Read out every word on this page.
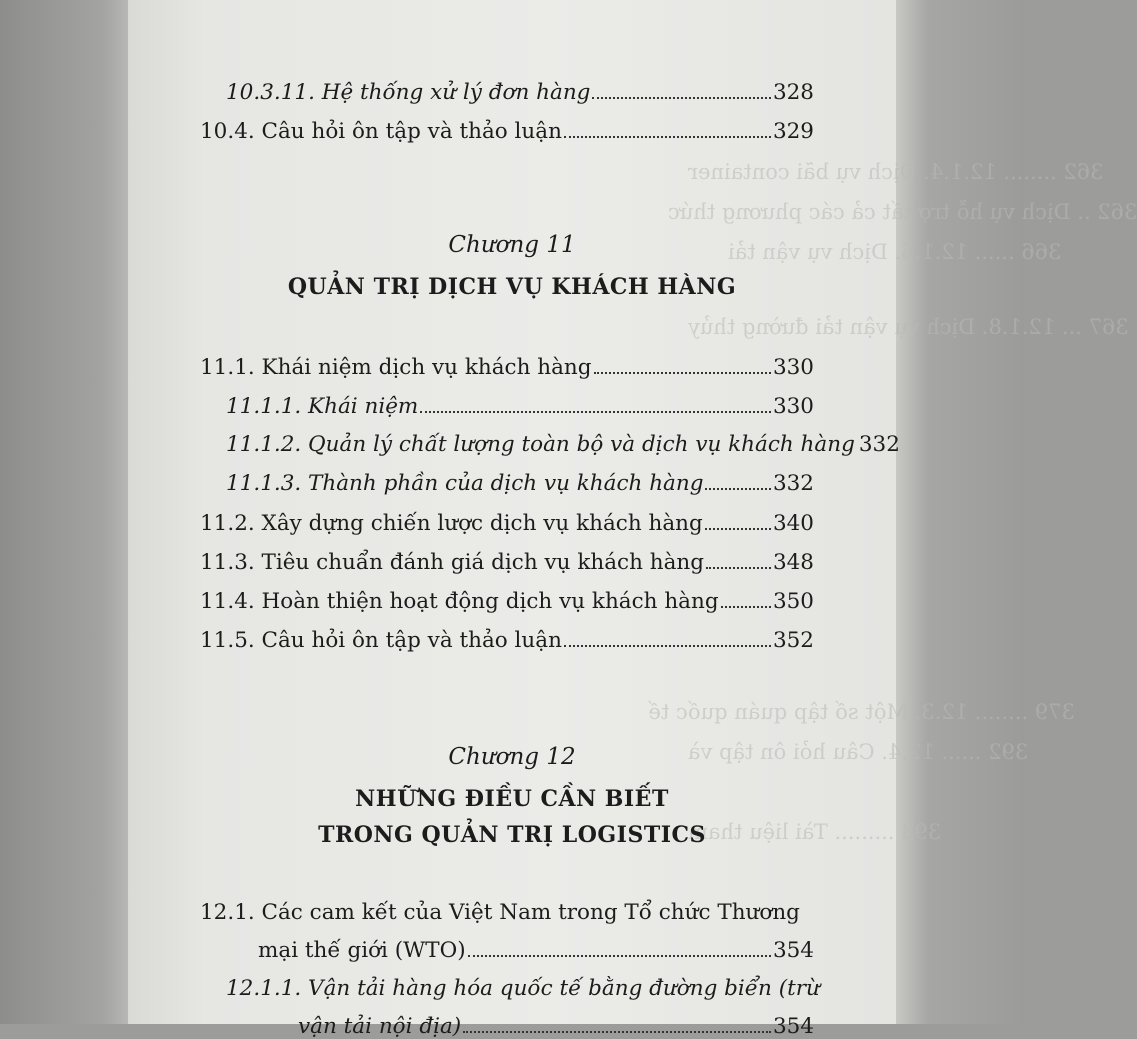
362 ........ 12.1.4. Dịch vụ bãi container
362 .. Dịch vụ hỗ trợ tất cả các phương thức
366 ...... 12.1.6. Dịch vụ vận tải
367 ... 12.1.8. Dịch vụ vận tải đường thủy
379 ........ 12.3. Một số tập quán quốc tế
392 ...... 12.4. Câu hỏi ôn tập và
393 ......... Tài liệu tham
10.3.11. Hệ thống xử lý đơn hàng	328
10.4. Câu hỏi ôn tập và thảo luận	329
Chương 11
QUẢN TRỊ DỊCH VỤ KHÁCH HÀNG
11.1. Khái niệm dịch vụ khách hàng	330
11.1.1. Khái niệm	330
11.1.2. Quản lý chất lượng toàn bộ và dịch vụ khách hàng 332
11.1.3. Thành phần của dịch vụ khách hàng	332
11.2. Xây dựng chiến lược dịch vụ khách hàng	340
11.3. Tiêu chuẩn đánh giá dịch vụ khách hàng	348
11.4. Hoàn thiện hoạt động dịch vụ khách hàng	350
11.5. Câu hỏi ôn tập và thảo luận	352
Chương 12
NHỮNG ĐIỀU CẦN BIẾT
TRONG QUẢN TRỊ LOGISTICS
12.1. Các cam kết của Việt Nam trong Tổ chức Thương
mại thế giới (WTO)	354
12.1.1. Vận tải hàng hóa quốc tế bằng đường biển (trừ
vận tải nội địa)	354
